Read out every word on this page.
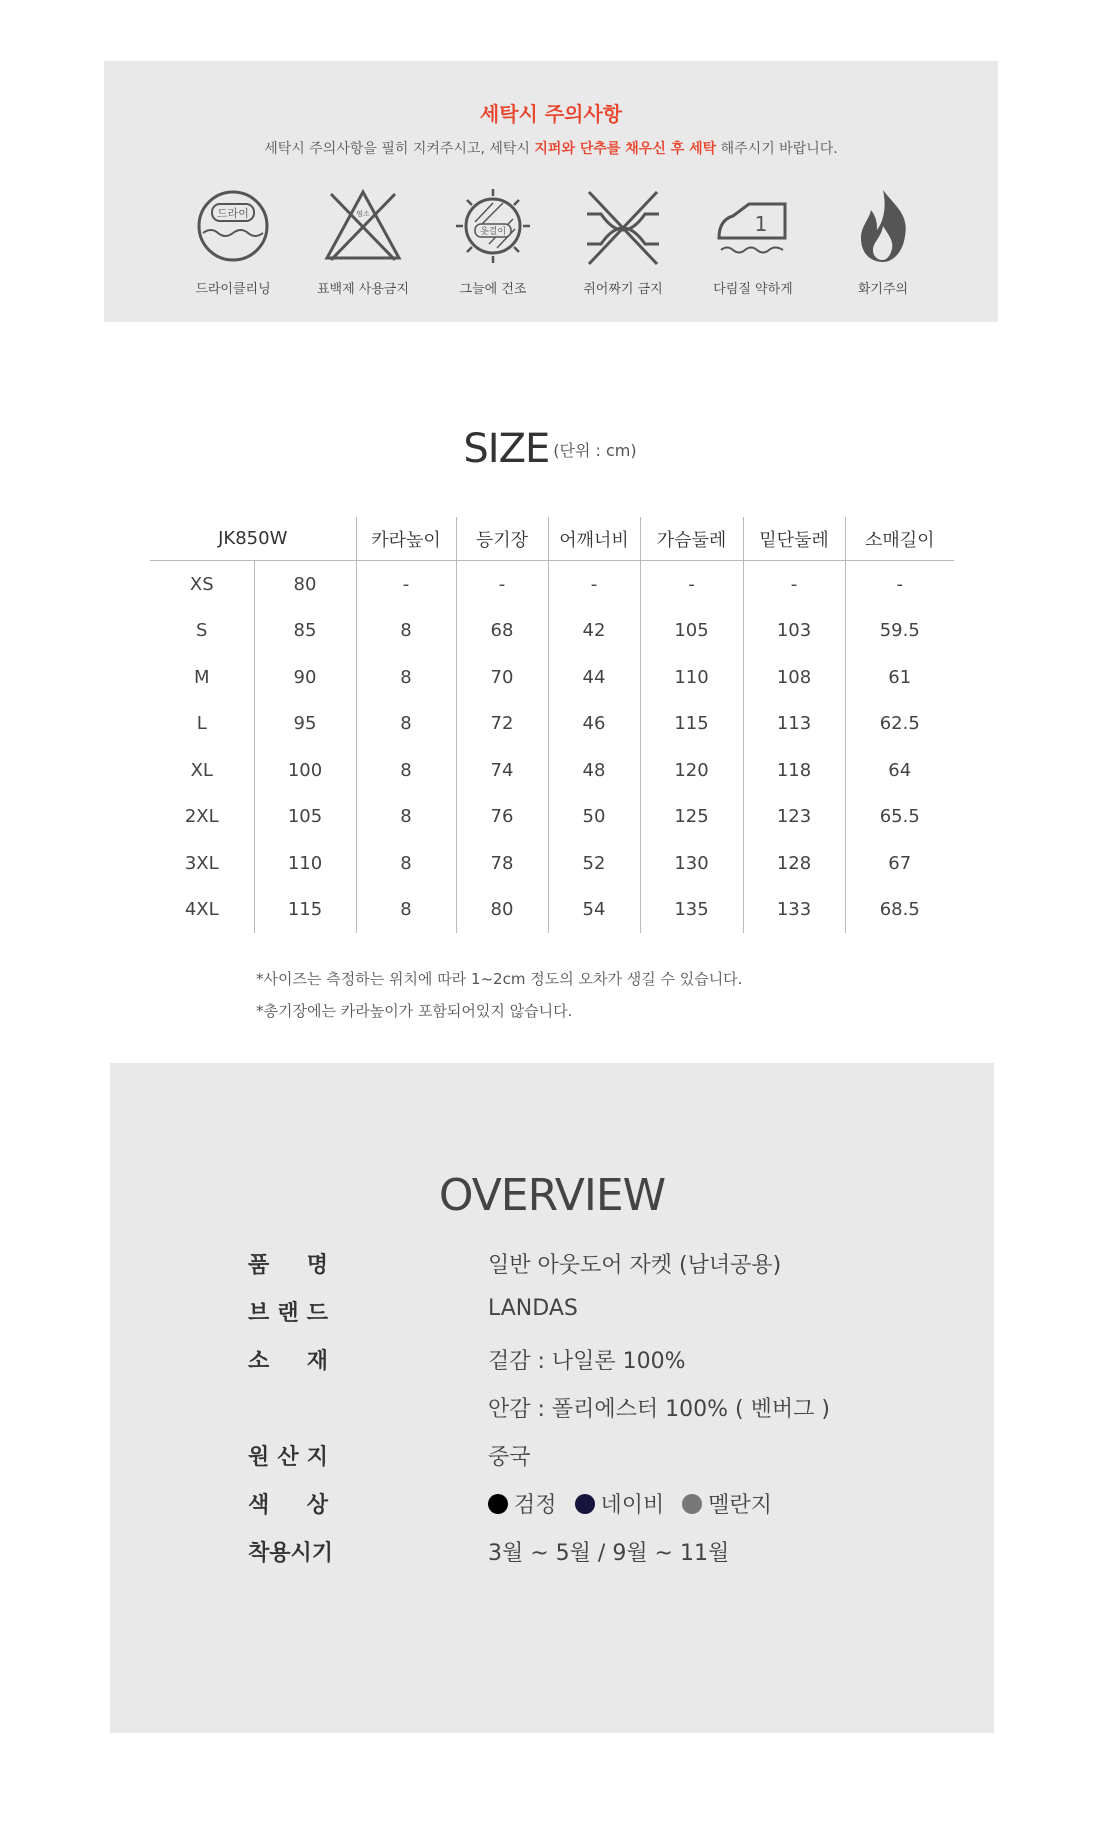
세탁시 주의사항
세탁시 주의사항을 필히 지켜주시고, 세탁시 지퍼와 단추를 채우신 후 세탁 해주시기 바랍니다.
드라이
드라이클리닝
염소
표백제 사용금지
옷걸이
그늘에 건조	쥐어짜기 금지
1
다림질 약하게	화기주의
SIZE (단위 : cm)
JK850W		카라높이	등기장	어깨너비	가슴둘레	밑단둘레	소매길이
XS	80	-	-	-	-	-	-
S	85	8	68	42	105	103	59.5
M	90	8	70	44	110	108	61
L	95	8	72	46	115	113	62.5
XL	100	8	74	48	120	118	64
2XL	105	8	76	50	125	123	65.5
3XL	110	8	78	52	130	128	67
4XL	115	8	80	54	135	133	68.5
*사이즈는 측정하는 위치에 따라 1~2cm 정도의 오차가 생길 수 있습니다.
*총기장에는 카라높이가 포함되어있지 않습니다.
OVERVIEW
품 명	일반 아웃도어 자켓 (남녀공용)
브 랜 드	LANDAS
소 재	겉감 : 나일론 100%
안감 : 폴리에스터 100% ( 벤버그 )
원 산 지	중국
색 상	검정 네이비 멜란지
착용시기	3월 ~ 5월 / 9월 ~ 11월
